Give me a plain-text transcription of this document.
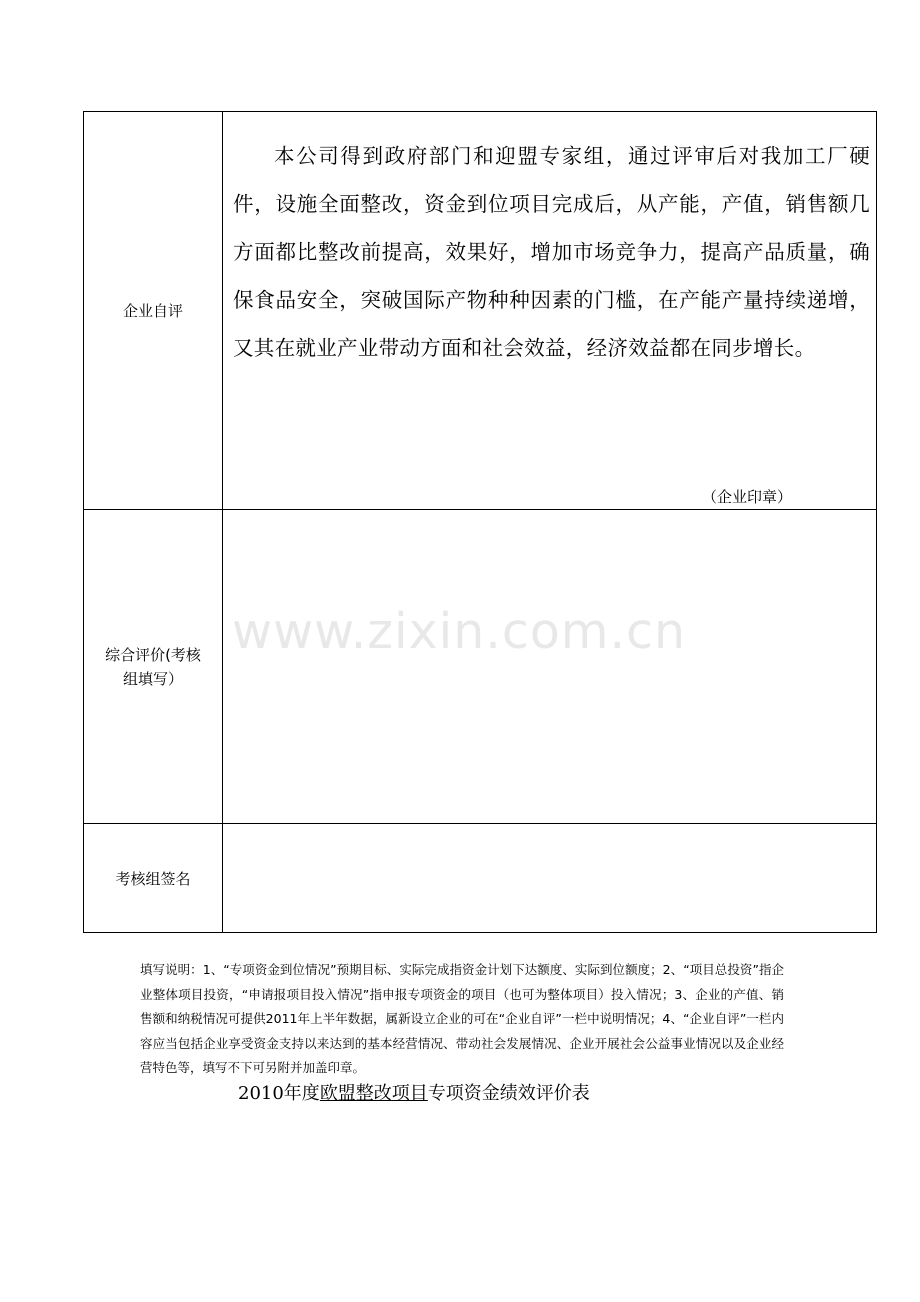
企业自评
本公司得到政府部门和迎盟专家组，通过评审后对我加工厂硬件，设施全面整改，资金到位项目完成后，从产能，产值，销售额几方面都比整改前提高，效果好，增加市场竞争力，提高产品质量，确保食品安全，突破国际产物种种因素的门槛，在产能产量持续递增，又其在就业产业带动方面和社会效益，经济效益都在同步增长。
（企业印章）
综合评价(考核组填写）
考核组签名
www.zixin.com.cn
填写说明：1、“专项资金到位情况”预期目标、实际完成指资金计划下达额度、实际到位额度；2、“项目总投资”指企业整体项目投资，“申请报项目投入情况”指申报专项资金的项目（也可为整体项目）投入情况；3、企业的产值、销售额和纳税情况可提供2011年上半年数据，属新设立企业的可在“企业自评”一栏中说明情况；4、“企业自评”一栏内容应当包括企业享受资金支持以来达到的基本经营情况、带动社会发展情况、企业开展社会公益事业情况以及企业经营特色等，填写不下可另附并加盖印章。
2010年度欧盟整改项目专项资金绩效评价表
